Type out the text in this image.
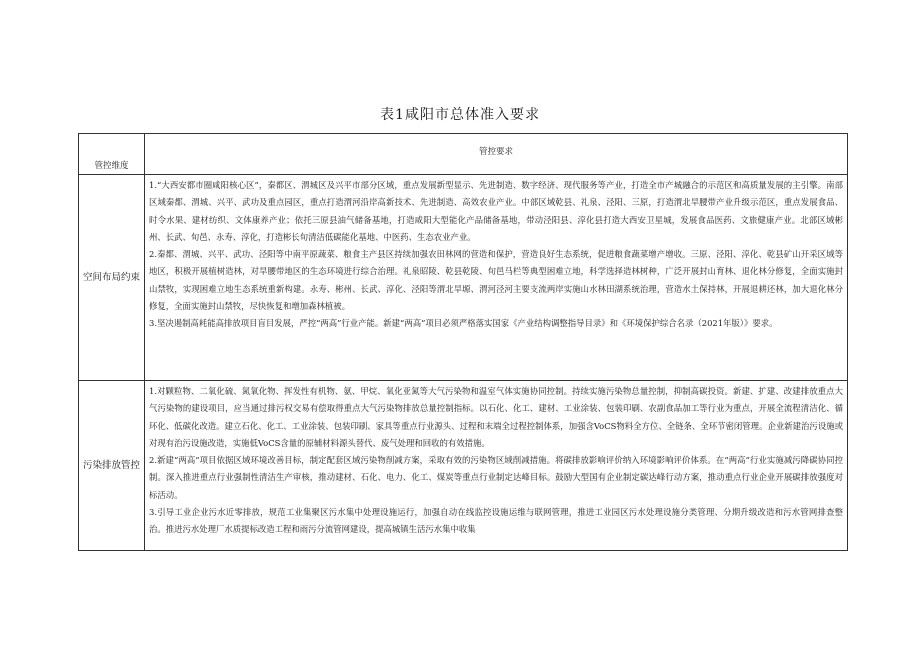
表1咸阳市总体准入要求
管控维度	管控要求
空间布局约束	1.“大西安都市圈咸阳核心区”，秦都区、渭城区及兴平市部分区域，重点发展新型显示、先进制造、数字经济、现代服务等产业，打造全市产城融合的示范区和高质量发展的主引擎。南部区域秦都、渭城、兴平、武功及重点园区，重点打造渭河沿岸高新技术、先进制造、高效农业产业。中部区域乾县、礼泉、泾阳、三原，打造渭北旱腰带产业升级示范区，重点发展食品、时令水果、建材纺织、文体康养产业；依托三原县油气储备基地，打造咸阳大型能化产品储备基地，带动泾阳县、淳化县打造大西安卫星城，发展食品医药、文旅健康产业。北部区域彬州、长武、旬邑、永寿、淳化，打造彬长旬清洁低碳能化基地、中医药、生态农业产业。

2.秦都、渭城、兴平、武功、泾阳等中南平原蔬菜、粮食主产县区持续加强农田林网的营造和保护，营造良好生态系统，促进粮食蔬菜增产增收。三原、泾阳、淳化、乾县矿山开采区域等地区，积极开展植树造林，对旱腰带地区的生态环境进行综合治理。礼泉昭陵、乾县乾陵、旬邑马栏等典型困难立地，科学选择造林树种，广泛开展封山育林、退化林分修复，全面实施封山禁牧，实现困难立地生态系统重新构建。永寿、彬州、长武、淳化、泾阳等渭北旱塬、渭河泾河主要支流两岸实施山水林田湖系统治理，营造水土保持林，开展退耕还林，加大退化林分修复，全面实施封山禁牧，尽快恢复和增加森林植被。

3.坚决遏制高耗能高排放项目盲目发展，严控“两高”行业产能。新建“两高”项目必须严格落实国家《产业结构调整指导目录》和《环境保护综合名录（2021年版）》要求。

污染排放管控	1.对颗粒物、二氧化硫、氮氧化物、挥发性有机物、氨、甲烷、氧化亚氮等大气污染物和温室气体实施协同控制。持续实施污染物总量控制，抑制高碳投资。新建、扩建、改建排放重点大气污染物的建设项目，应当通过排污权交易有偿取得重点大气污染物排放总量控制指标。以石化、化工、建材、工业涂装、包装印刷、农副食品加工等行业为重点，开展全流程清洁化、循环化、低碳化改造。建立石化、化工、工业涂装、包装印刷、家具等重点行业源头、过程和末端全过程控制体系，加强含VoCS物料全方位、全链条、全环节密闭管理。企业新建治污设施或对现有治污设施改造，实施低VoCS含量的原辅材料源头替代、废气处理和回收的有效措施。

2.新建“两高”项目依据区域环境改善目标，制定配套区域污染物削减方案，采取有效的污染物区域削减措施。将碳排放影响评价纳入环境影响评价体系。在“两高”行业实施减污降碳协同控制。深入推进重点行业强制性清洁生产审核，推动建材、石化、电力、化工、煤炭等重点行业制定达峰目标。鼓励大型国有企业制定碳达峰行动方案，推动重点行业企业开展碳排放强度对标活动。

3.引导工业企业污水近零排放，规范工业集聚区污水集中处理设施运行，加强自动在线监控设施运维与联网管理，推进工业园区污水处理设施分类管理、分期升级改造和污水管网排查整治。推进污水处理厂水质提标改造工程和雨污分流管网建设，提高城镇生活污水集中收集
